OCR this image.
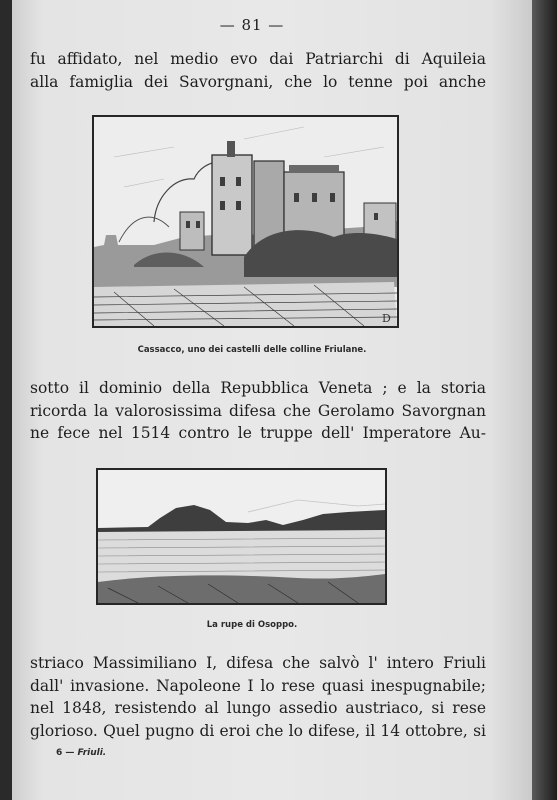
— 81 —
fu affidato, nel medio evo dai Patriarchi di Aquileia
alla famiglia dei Savorgnani, che lo tenne poi anche
D
Cassacco, uno dei castelli delle colline Friulane.
sotto il dominio della Repubblica Veneta ; e la storia
ricorda la valorosissima difesa che Gerolamo Savorgnan
ne fece nel 1514 contro le truppe dell' Imperatore Au-
La rupe di Osoppo.
striaco Massimiliano I, difesa che salvò l' intero Friuli
dall' invasione. Napoleone I lo rese quasi inespugnabile;
nel 1848, resistendo al lungo assedio austriaco, si rese
glorioso. Quel pugno di eroi che lo difese, il 14 ottobre, si
6 — Friuli.
